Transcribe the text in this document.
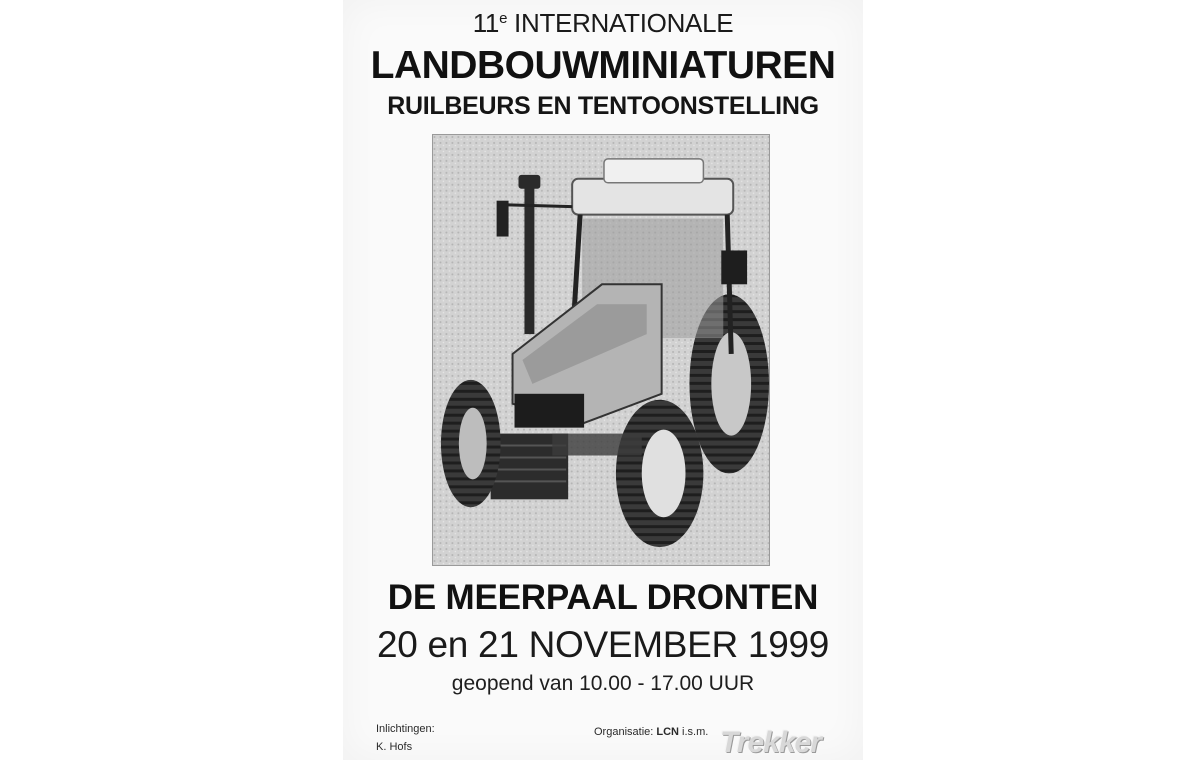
11e INTERNATIONALE
LANDBOUWMINIATUREN
RUILBEURS EN TENTOONSTELLING
DE MEERPAAL DRONTEN
20 en 21 NOVEMBER 1999
geopend van 10.00 - 17.00 UUR
Inlichtingen:
K. Hofs
Organisatie: LCN i.s.m. Trekker
